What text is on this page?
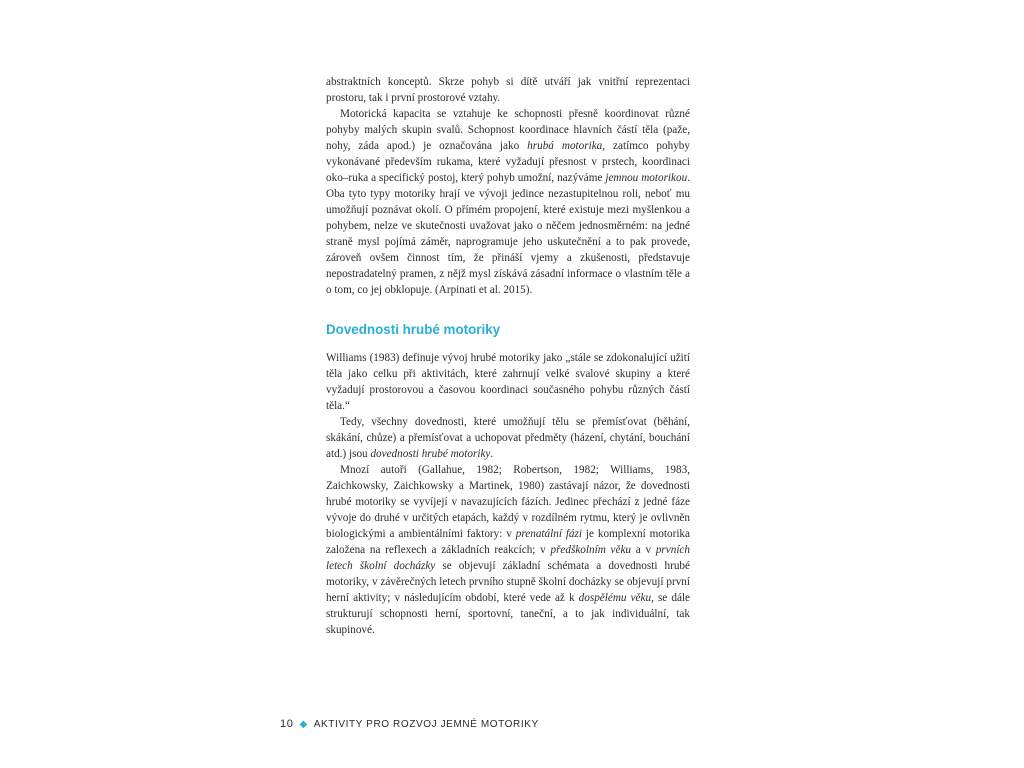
abstraktních konceptů. Skrze pohyb si dítě utváří jak vnitřní reprezentaci prostoru, tak i první prostorové vztahy.

Motorická kapacita se vztahuje ke schopnosti přesně koordinovat různé pohyby malých skupin svalů. Schopnost koordinace hlavních částí těla (paže, nohy, záda apod.) je označována jako hrubá motorika, zatímco pohyby vykonávané především rukama, které vyžadují přesnost v prstech, koordinaci oko–ruka a specifický postoj, který pohyb umožní, nazýváme jemnou motorikou. Oba tyto typy motoriky hrají ve vývoji jedince nezastupitelnou roli, neboť mu umožňují poznávat okolí. O přímém propojení, které existuje mezi myšlenkou a pohybem, nelze ve skutečnosti uvažovat jako o něčem jednosměrném: na jedné straně mysl pojímá záměr, naprogramuje jeho uskutečnění a to pak provede, zároveň ovšem činnost tím, že přináší vjemy a zkušenosti, představuje nepostradatelný pramen, z nějž mysl získává zásadní informace o vlastním těle a o tom, co jej obklopuje. (Arpinati et al. 2015).

Dovednosti hrubé motoriky

Williams (1983) definuje vývoj hrubé motoriky jako „stále se zdokonalující užití těla jako celku při aktivitách, které zahrnují velké svalové skupiny a které vyžadují prostorovou a časovou koordinaci současného pohybu různých částí těla.“

Tedy, všechny dovednosti, které umožňují tělu se přemísťovat (běhání, skákání, chůze) a přemísťovat a uchopovat předměty (házení, chytání, bouchání atd.) jsou dovednosti hrubé motoriky.

Mnozí autoři (Gallahue, 1982; Robertson, 1982; Williams, 1983, Zaichkowsky, Zaichkowsky a Martinek, 1980) zastávají názor, že dovednosti hrubé motoriky se vyvíjejí v navazujících fázích. Jedinec přechází z jedné fáze vývoje do druhé v určitých etapách, každý v rozdílném rytmu, který je ovlivněn biologickými a ambientálními faktory: v prenatální fázi je komplexní motorika založena na reflexech a základních reakcích; v předškolním věku a v prvních letech školní docházky se objevují základní schémata a dovednosti hrubé motoriky, v závěrečných letech prvního stupně školní docházky se objevují první herní aktivity; v následujícím období, které vede až k dospělému věku, se dále strukturují schopnosti herní, sportovní, taneční, a to jak individuální, tak skupinové.

10 ◆ AKTIVITY PRO ROZVOJ JEMNÉ MOTORIKY
